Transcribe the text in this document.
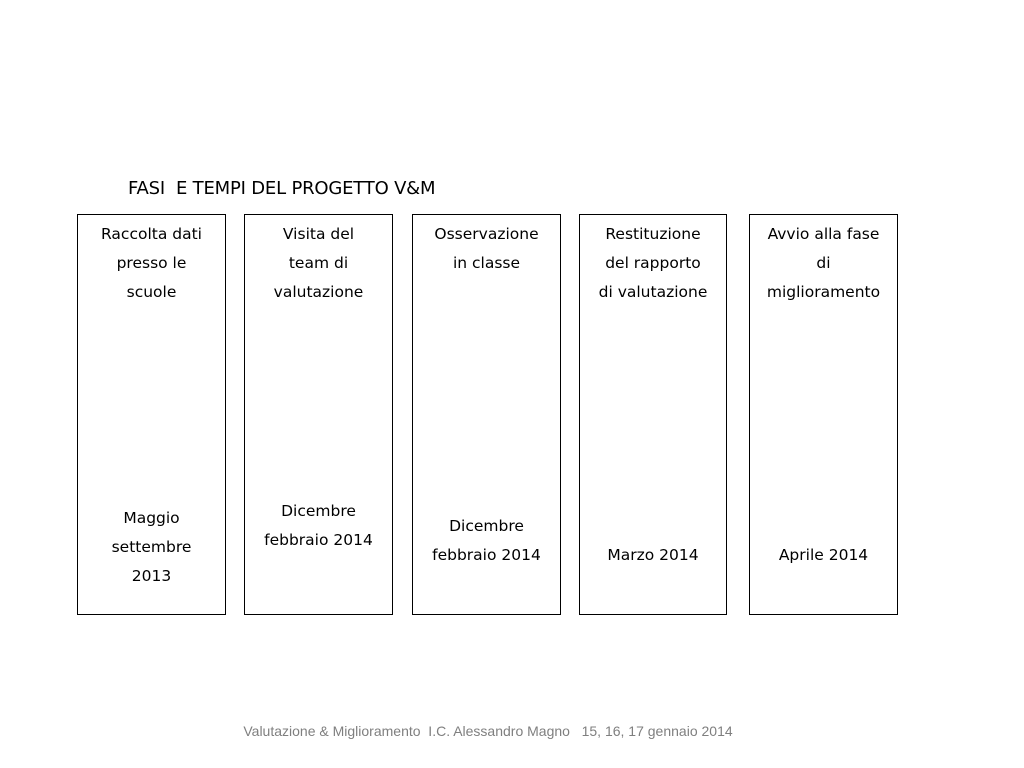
FASI  E TEMPI DEL PROGETTO V&M
Raccolta dati
presso le
scuole
Maggio
settembre
2013
Visita del
team di
valutazione
Dicembre
febbraio 2014
Osservazione
in classe
Dicembre
febbraio 2014
Restituzione
del rapporto
di valutazione
Marzo 2014
Avvio alla fase
di
miglioramento
Aprile 2014
Valutazione & Miglioramento  I.C. Alessandro Magno   15, 16, 17 gennaio 2014
